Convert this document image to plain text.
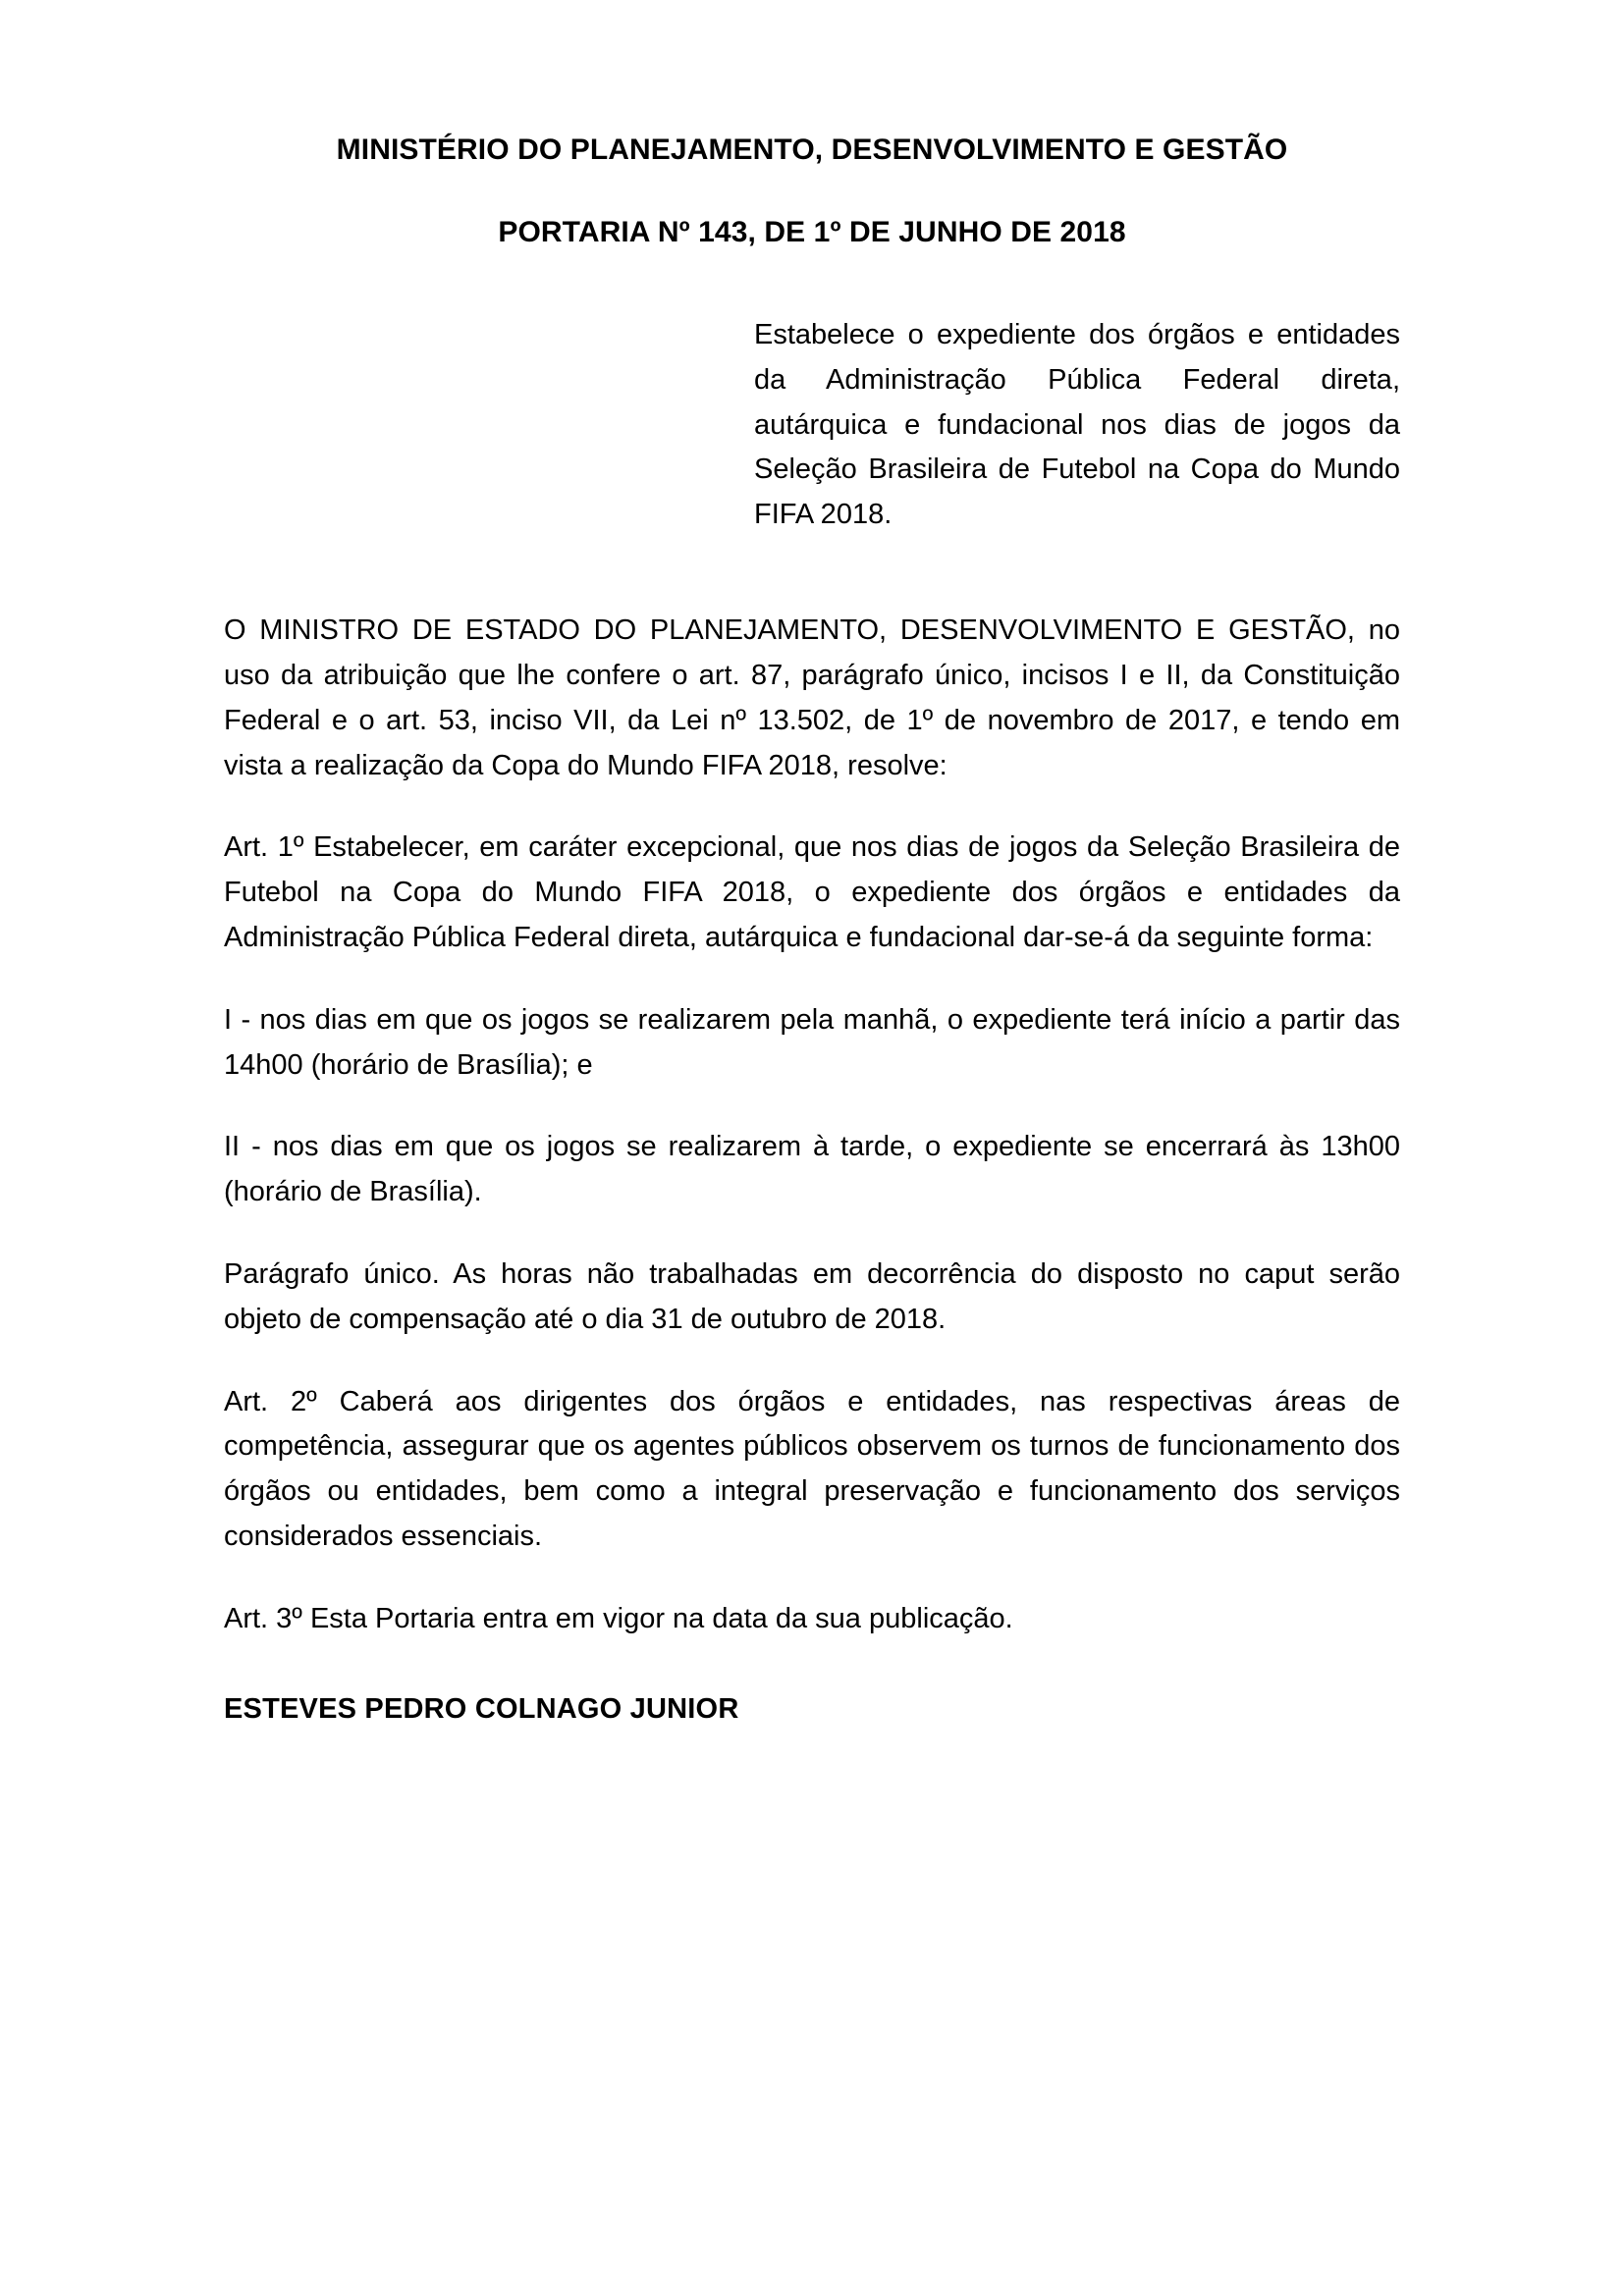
MINISTÉRIO DO PLANEJAMENTO, DESENVOLVIMENTO E GESTÃO
PORTARIA Nº 143, DE 1º DE JUNHO DE 2018
Estabelece o expediente dos órgãos e entidades da Administração Pública Federal direta, autárquica e fundacional nos dias de jogos da Seleção Brasileira de Futebol na Copa do Mundo FIFA 2018.

O MINISTRO DE ESTADO DO PLANEJAMENTO, DESENVOLVIMENTO E GESTÃO, no uso da atribuição que lhe confere o art. 87, parágrafo único, incisos I e II, da Constituição Federal e o art. 53, inciso VII, da Lei nº 13.502, de 1º de novembro de 2017, e tendo em vista a realização da Copa do Mundo FIFA 2018, resolve:

Art. 1º Estabelecer, em caráter excepcional, que nos dias de jogos da Seleção Brasileira de Futebol na Copa do Mundo FIFA 2018, o expediente dos órgãos e entidades da Administração Pública Federal direta, autárquica e fundacional dar-se-á da seguinte forma:

I - nos dias em que os jogos se realizarem pela manhã, o expediente terá início a partir das 14h00 (horário de Brasília); e

II - nos dias em que os jogos se realizarem à tarde, o expediente se encerrará às 13h00 (horário de Brasília).

Parágrafo único. As horas não trabalhadas em decorrência do disposto no caput serão objeto de compensação até o dia 31 de outubro de 2018.

Art. 2º Caberá aos dirigentes dos órgãos e entidades, nas respectivas áreas de competência, assegurar que os agentes públicos observem os turnos de funcionamento dos órgãos ou entidades, bem como a integral preservação e funcionamento dos serviços considerados essenciais.

Art. 3º Esta Portaria entra em vigor na data da sua publicação.

ESTEVES PEDRO COLNAGO JUNIOR
